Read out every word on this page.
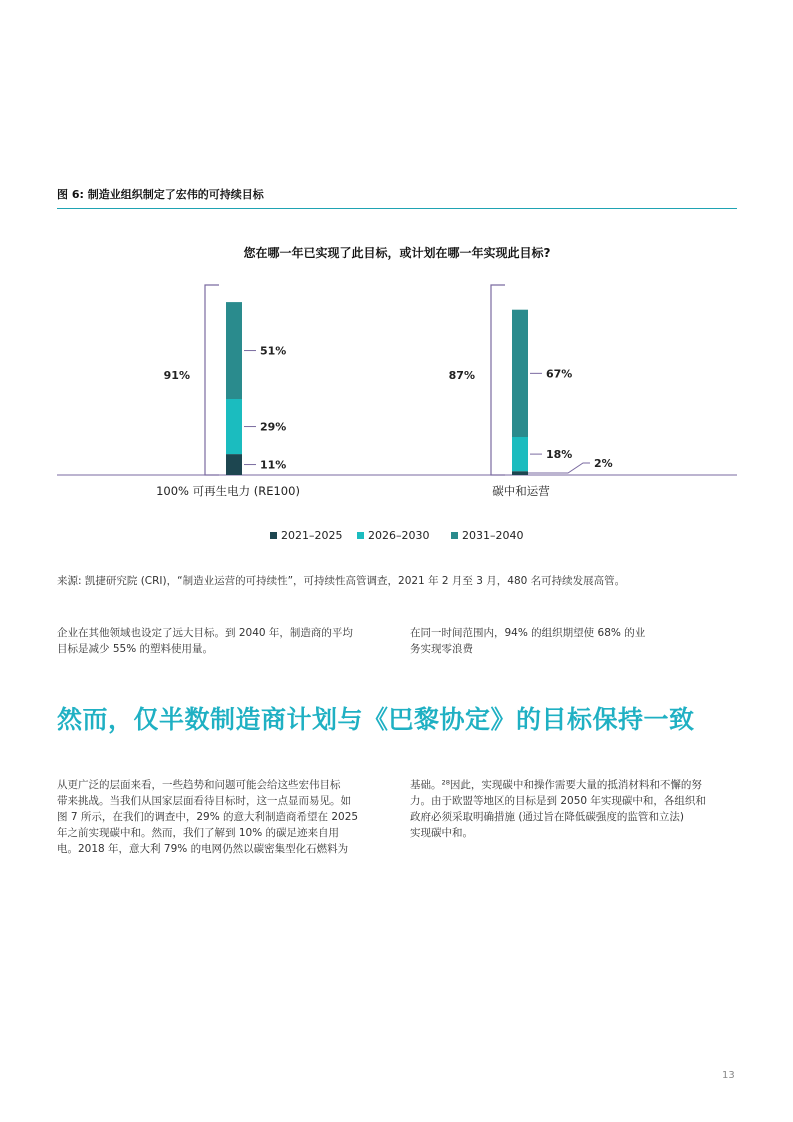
图 6: 制造业组织制定了宏伟的可持续目标
您在哪一年已实现了此目标，或计划在哪一年实现此目标?
11%
29%
51%
91%
100% 可再生电力 (RE100)
2%
18%
67%
87%
碳中和运营
2021–2025 2026–2030	2031–2040
来源: 凯捷研究院 (CRI)，“制造业运营的可持续性”，可持续性高管调查，2021 年 2 月至 3 月，480 名可持续发展高管。
企业在其他领域也设定了远大目标。到 2040 年，制造商的平均
目标是减少 55% 的塑料使用量。
在同一时间范围内，94% 的组织期望使 68% 的业
务实现零浪费
然而，仅半数制造商计划与《巴黎协定》的目标保持一致
从更广泛的层面来看，一些趋势和问题可能会给这些宏伟目标
带来挑战。当我们从国家层面看待目标时，这一点显而易见。如
图 7 所示，在我们的调查中，29% 的意大利制造商希望在 2025
年之前实现碳中和。然而，我们了解到 10% 的碳足迹来自用
电。2018 年，意大利 79% 的电网仍然以碳密集型化石燃料为
基础。²⁸因此，实现碳中和操作需要大量的抵消材料和不懈的努
力。由于欧盟等地区的目标是到 2050 年实现碳中和，各组织和
政府必须采取明确措施 (通过旨在降低碳强度的监管和立法)
实现碳中和。
13
